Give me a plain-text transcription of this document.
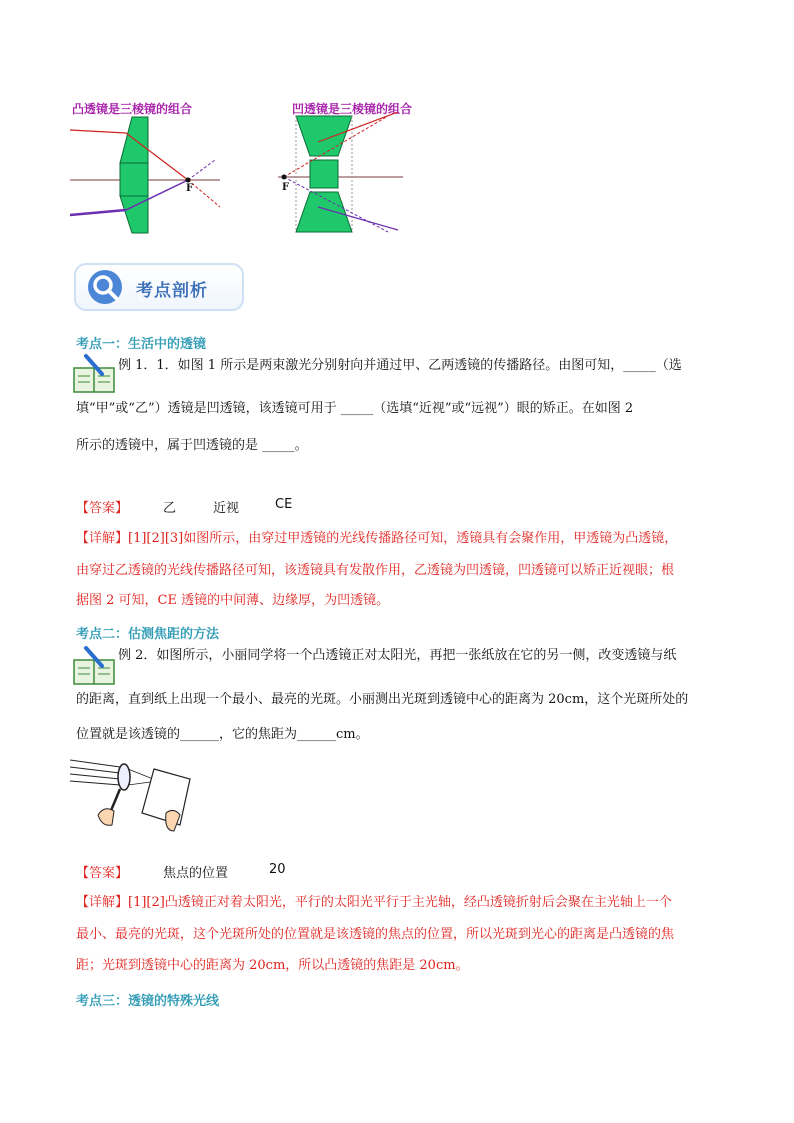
凸透镜是三棱镜的组合
F
凹透镜是三棱镜的组合
F
考点剖析
考点一：生活中的透镜
例 1．1．如图 1 所示是两束激光分别射向并通过甲、乙两透镜的传播路径。由图可知，_____（选
填“甲”或“乙”）透镜是凹透镜，该透镜可用于 _____（选填“近视”或“远视”）眼的矫正。在如图 2
所示的透镜中，属于凹透镜的是 _____。
【答案】	乙	近视	CE
【详解】[1][2][3]如图所示，由穿过甲透镜的光线传播路径可知，透镜具有会聚作用，甲透镜为凸透镜，
由穿过乙透镜的光线传播路径可知，该透镜具有发散作用，乙透镜为凹透镜，凹透镜可以矫正近视眼；根
据图 2 可知，CE 透镜的中间薄、边缘厚，为凹透镜。
考点二：估测焦距的方法
例 2．如图所示，小丽同学将一个凸透镜正对太阳光，再把一张纸放在它的另一侧，改变透镜与纸
的距离，直到纸上出现一个最小、最亮的光斑。小丽测出光斑到透镜中心的距离为 20cm，这个光斑所处的
位置就是该透镜的______，它的焦距为______cm。
【答案】	焦点的位置	20
【详解】[1][2]凸透镜正对着太阳光，平行的太阳光平行于主光轴，经凸透镜折射后会聚在主光轴上一个
最小、最亮的光斑，这个光斑所处的位置就是该透镜的焦点的位置，所以光斑到光心的距离是凸透镜的焦
距；光斑到透镜中心的距离为 20cm，所以凸透镜的焦距是 20cm。
考点三：透镜的特殊光线
